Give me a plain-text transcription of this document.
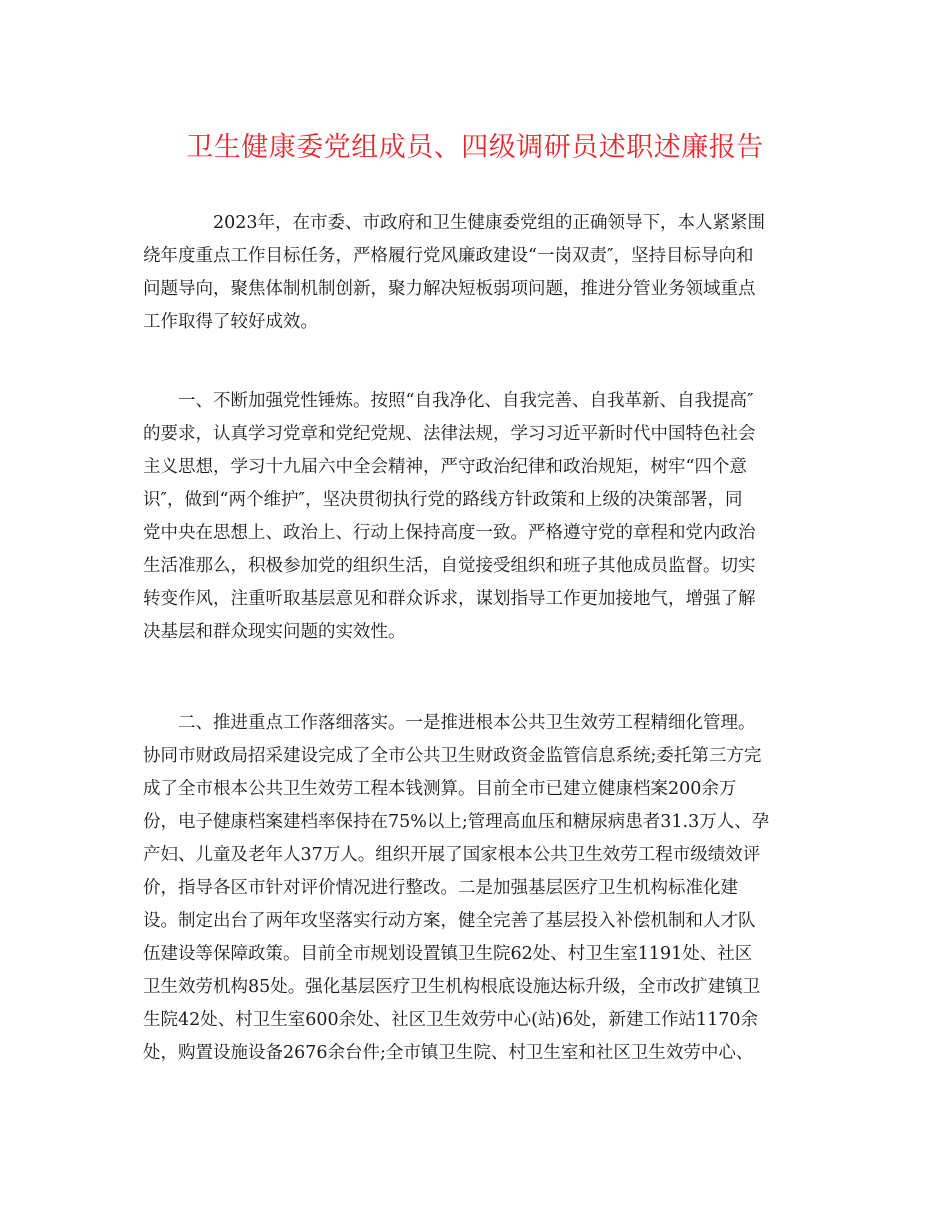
卫生健康委党组成员、四级调研员述职述廉报告
2023年，在市委、市政府和卫生健康委党组的正确领导下，本人紧紧围
绕年度重点工作目标任务，严格履行党风廉政建设“一岗双责″，坚持目标导向和
问题导向，聚焦体制机制创新，聚力解决短板弱项问题，推进分管业务领域重点
工作取得了较好成效。
一、不断加强党性锤炼。按照“自我净化、自我完善、自我革新、自我提高″
的要求，认真学习党章和党纪党规、法律法规，学习习近平新时代中国特色社会
主义思想，学习十九届六中全会精神，严守政治纪律和政治规矩，树牢“四个意
识″，做到“两个维护″，坚决贯彻执行党的路线方针政策和上级的决策部署，同
党中央在思想上、政治上、行动上保持高度一致。严格遵守党的章程和党内政治
生活准那么，积极参加党的组织生活，自觉接受组织和班子其他成员监督。切实
转变作风，注重听取基层意见和群众诉求，谋划指导工作更加接地气，增强了解
决基层和群众现实问题的实效性。
二、推进重点工作落细落实。一是推进根本公共卫生效劳工程精细化管理。
协同市财政局招采建设完成了全市公共卫生财政资金监管信息系统;委托第三方完
成了全市根本公共卫生效劳工程本钱测算。目前全市已建立健康档案200余万
份，电子健康档案建档率保持在75%以上;管理高血压和糖尿病患者31.3万人、孕
产妇、儿童及老年人37万人。组织开展了国家根本公共卫生效劳工程市级绩效评
价，指导各区市针对评价情况进行整改。二是加强基层医疗卫生机构标准化建
设。制定出台了两年攻坚落实行动方案，健全完善了基层投入补偿机制和人才队
伍建设等保障政策。目前全市规划设置镇卫生院62处、村卫生室1191处、社区
卫生效劳机构85处。强化基层医疗卫生机构根底设施达标升级，全市改扩建镇卫
生院42处、村卫生室600余处、社区卫生效劳中心(站)6处，新建工作站1170余
处，购置设施设备2676余台件;全市镇卫生院、村卫生室和社区卫生效劳中心、
